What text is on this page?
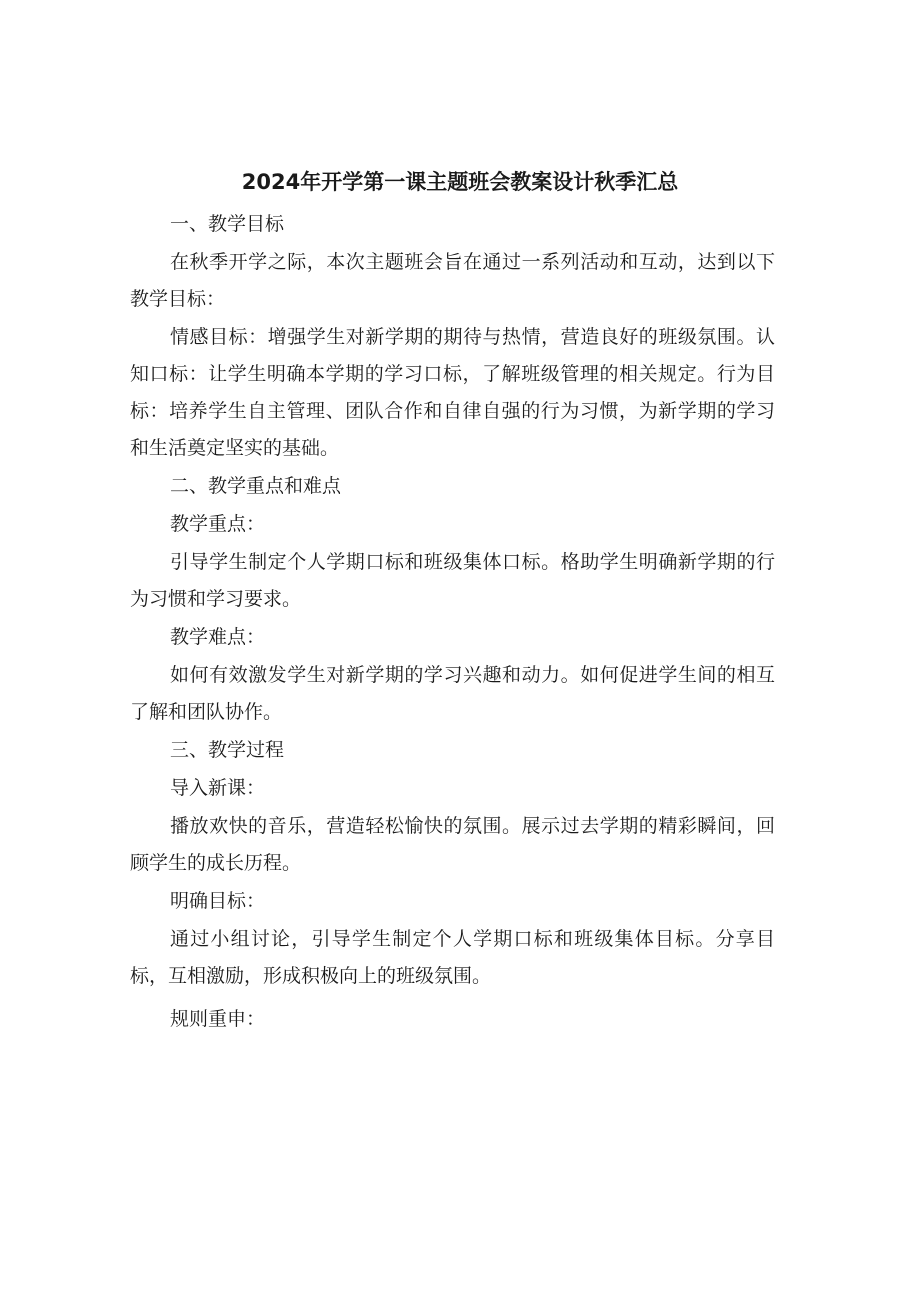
2024年开学第一课主题班会教案设计秋季汇总

一、教学目标

在秋季开学之际，本次主题班会旨在通过一系列活动和互动，达到以下教学目标：

情感目标：增强学生对新学期的期待与热情，营造良好的班级氛围。认知口标：让学生明确本学期的学习口标，了解班级管理的相关规定。行为目标：培养学生自主管理、团队合作和自律自强的行为习惯，为新学期的学习和生活奠定坚实的基础。

二、教学重点和难点

教学重点：

引导学生制定个人学期口标和班级集体口标。格助学生明确新学期的行为习惯和学习要求。

教学难点：

如何有效激发学生对新学期的学习兴趣和动力。如何促进学生间的相互了解和团队协作。

三、教学过程

导入新课：

播放欢快的音乐，营造轻松愉快的氛围。展示过去学期的精彩瞬间，回顾学生的成长历程。

明确目标：

通过小组讨论，引导学生制定个人学期口标和班级集体目标。分享目标，互相激励，形成积极向上的班级氛围。

规则重申：
